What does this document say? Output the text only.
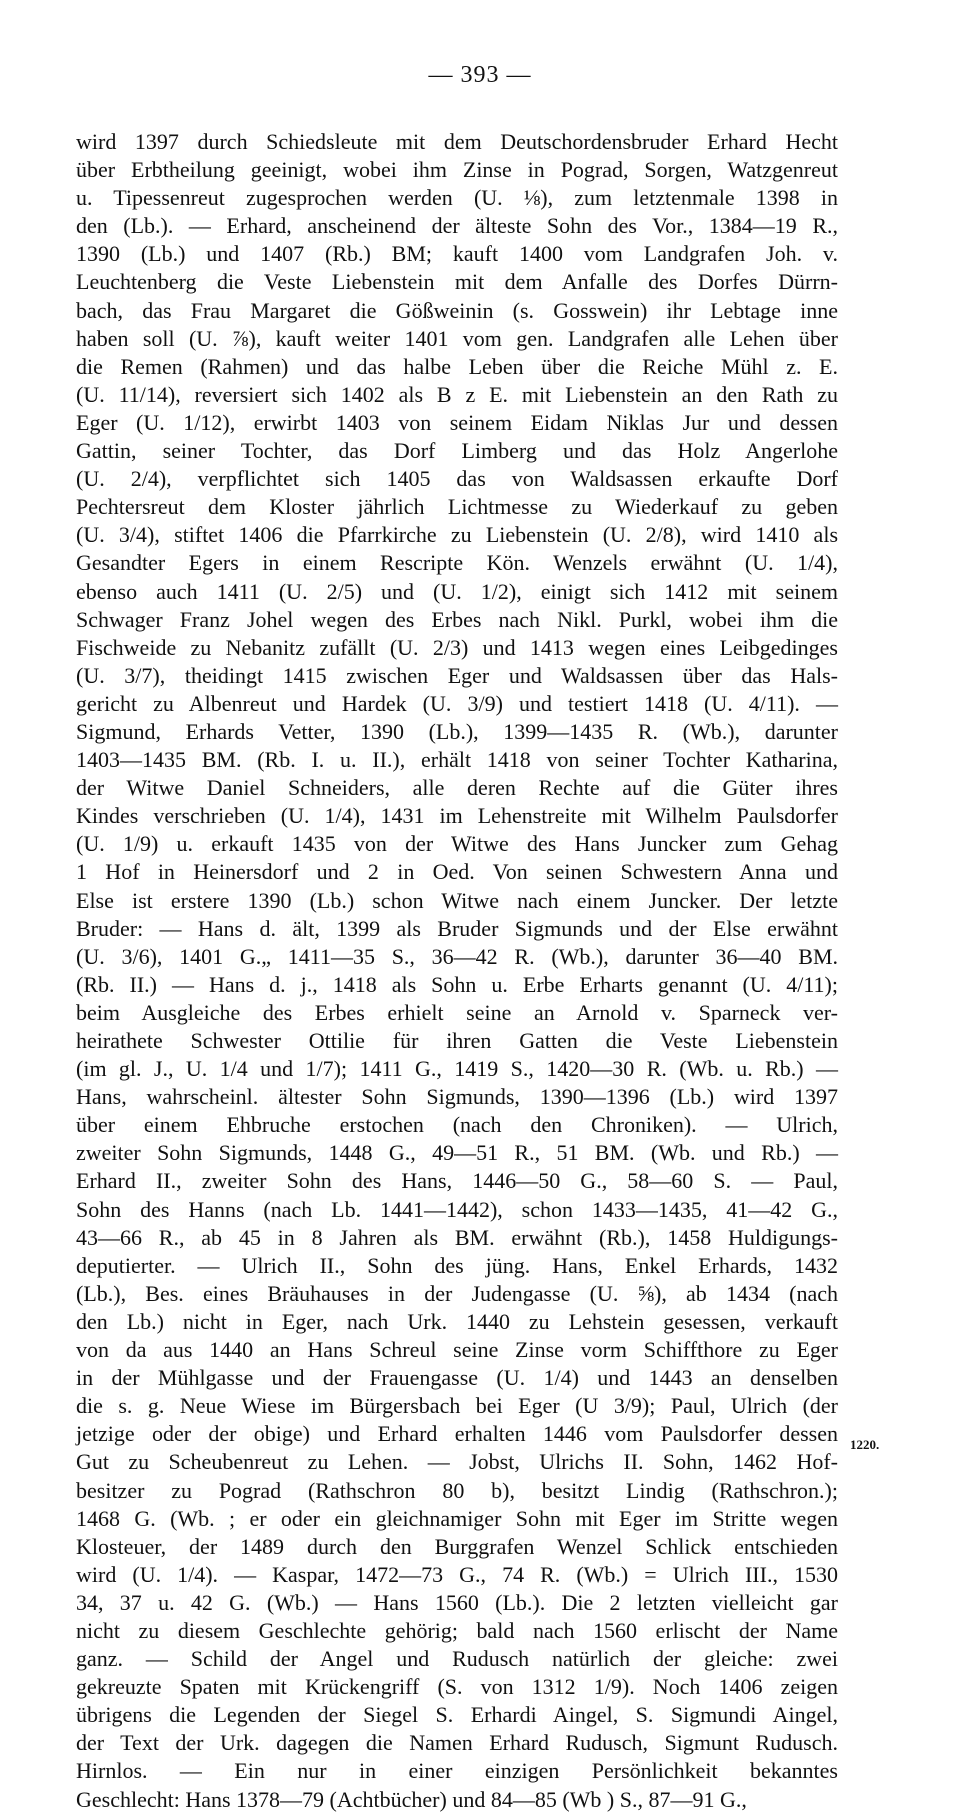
— 393 —
wird 1397 durch Schiedsleute mit dem Deutschordensbruder Erhard Hecht
über Erbtheilung geeinigt, wobei ihm Zinse in Pograd, Sorgen, Watzgenreut
u. Tipessenreut zugesprochen werden (U. ⅛), zum letztenmale 1398 in
den (Lb.). — Erhard, anscheinend der älteste Sohn des Vor., 1384—19 R.,
1390 (Lb.) und 1407 (Rb.) BM; kauft 1400 vom Landgrafen Joh. v.
Leuchtenberg die Veste Liebenstein mit dem Anfalle des Dorfes Dürrn-
bach, das Frau Margaret die Gößweinin (s. Gosswein) ihr Lebtage inne
haben soll (U. ⅞), kauft weiter 1401 vom gen. Landgrafen alle Lehen über
die Remen (Rahmen) und das halbe Leben über die Reiche Mühl z. E.
(U. 11/14), reversiert sich 1402 als B z E. mit Liebenstein an den Rath zu
Eger (U. 1/12), erwirbt 1403 von seinem Eidam Niklas Jur und dessen
Gattin, seiner Tochter, das Dorf Limberg und das Holz Angerlohe
(U. 2/4), verpflichtet sich 1405 das von Waldsassen erkaufte Dorf
Pechtersreut dem Kloster jährlich Lichtmesse zu Wiederkauf zu geben
(U. 3/4), stiftet 1406 die Pfarrkirche zu Liebenstein (U. 2/8), wird 1410 als
Gesandter Egers in einem Rescripte Kön. Wenzels erwähnt (U. 1/4),
ebenso auch 1411 (U. 2/5) und (U. 1/2), einigt sich 1412 mit seinem
Schwager Franz Johel wegen des Erbes nach Nikl. Purkl, wobei ihm die
Fischweide zu Nebanitz zufällt (U. 2/3) und 1413 wegen eines Leibgedinges
(U. 3/7), theidingt 1415 zwischen Eger und Waldsassen über das Hals-
gericht zu Albenreut und Hardek (U. 3/9) und testiert 1418 (U. 4/11). —
Sigmund, Erhards Vetter, 1390 (Lb.), 1399—1435 R. (Wb.), darunter
1403—1435 BM. (Rb. I. u. II.), erhält 1418 von seiner Tochter Katharina,
der Witwe Daniel Schneiders, alle deren Rechte auf die Güter ihres
Kindes verschrieben (U. 1/4), 1431 im Lehenstreite mit Wilhelm Paulsdorfer
(U. 1/9) u. erkauft 1435 von der Witwe des Hans Juncker zum Gehag
1 Hof in Heinersdorf und 2 in Oed. Von seinen Schwestern Anna und
Else ist erstere 1390 (Lb.) schon Witwe nach einem Juncker. Der letzte
Bruder: — Hans d. ält, 1399 als Bruder Sigmunds und der Else erwähnt
(U. 3/6), 1401 G.„ 1411—35 S., 36—42 R. (Wb.), darunter 36—40 BM.
(Rb. II.) — Hans d. j., 1418 als Sohn u. Erbe Erharts genannt (U. 4/11);
beim Ausgleiche des Erbes erhielt seine an Arnold v. Sparneck ver-
heirathete Schwester Ottilie für ihren Gatten die Veste Liebenstein
(im gl. J., U. 1/4 und 1/7); 1411 G., 1419 S., 1420—30 R. (Wb. u. Rb.) —
Hans, wahrscheinl. ältester Sohn Sigmunds, 1390—1396 (Lb.) wird 1397
über einem Ehbruche erstochen (nach den Chroniken). — Ulrich,
zweiter Sohn Sigmunds, 1448 G., 49—51 R., 51 BM. (Wb. und Rb.) —
Erhard II., zweiter Sohn des Hans, 1446—50 G., 58—60 S. — Paul,
Sohn des Hanns (nach Lb. 1441—1442), schon 1433—1435, 41—42 G.,
43—66 R., ab 45 in 8 Jahren als BM. erwähnt (Rb.), 1458 Huldigungs-
deputierter. — Ulrich II., Sohn des jüng. Hans, Enkel Erhards, 1432
(Lb.), Bes. eines Bräuhauses in der Judengasse (U. ⅝), ab 1434 (nach
den Lb.) nicht in Eger, nach Urk. 1440 zu Lehstein gesessen, verkauft
von da aus 1440 an Hans Schreul seine Zinse vorm Schiffthore zu Eger
in der Mühlgasse und der Frauengasse (U. 1/4) und 1443 an denselben
die s. g. Neue Wiese im Bürgersbach bei Eger (U 3/9); Paul, Ulrich (der
jetzige oder der obige) und Erhard erhalten 1446 vom Paulsdorfer dessen
Gut zu Scheubenreut zu Lehen. — Jobst, Ulrichs II. Sohn, 1462 Hof-
besitzer zu Pograd (Rathschron 80 b), besitzt Lindig (Rathschron.);
1468 G. (Wb. ; er oder ein gleichnamiger Sohn mit Eger im Stritte wegen
Klosteuer, der 1489 durch den Burggrafen Wenzel Schlick entschieden
wird (U. 1/4). — Kaspar, 1472—73 G., 74 R. (Wb.) = Ulrich III., 1530
34, 37 u. 42 G. (Wb.) — Hans 1560 (Lb.). Die 2 letzten vielleicht gar
nicht zu diesem Geschlechte gehörig; bald nach 1560 erlischt der Name
ganz. — Schild der Angel und Rudusch natürlich der gleiche: zwei
gekreuzte Spaten mit Krückengriff (S. von 1312 1/9). Noch 1406 zeigen
übrigens die Legenden der Siegel S. Erhardi Aingel, S. Sigmundi Aingel,
der Text der Urk. dagegen die Namen Erhard Rudusch, Sigmunt Rudusch.
Hirnlos. — Ein nur in einer einzigen Persönlichkeit bekanntes
Geschlecht: Hans 1378—79 (Achtbücher) und 84—85 (Wb ) S., 87—91 G.,
1220.
